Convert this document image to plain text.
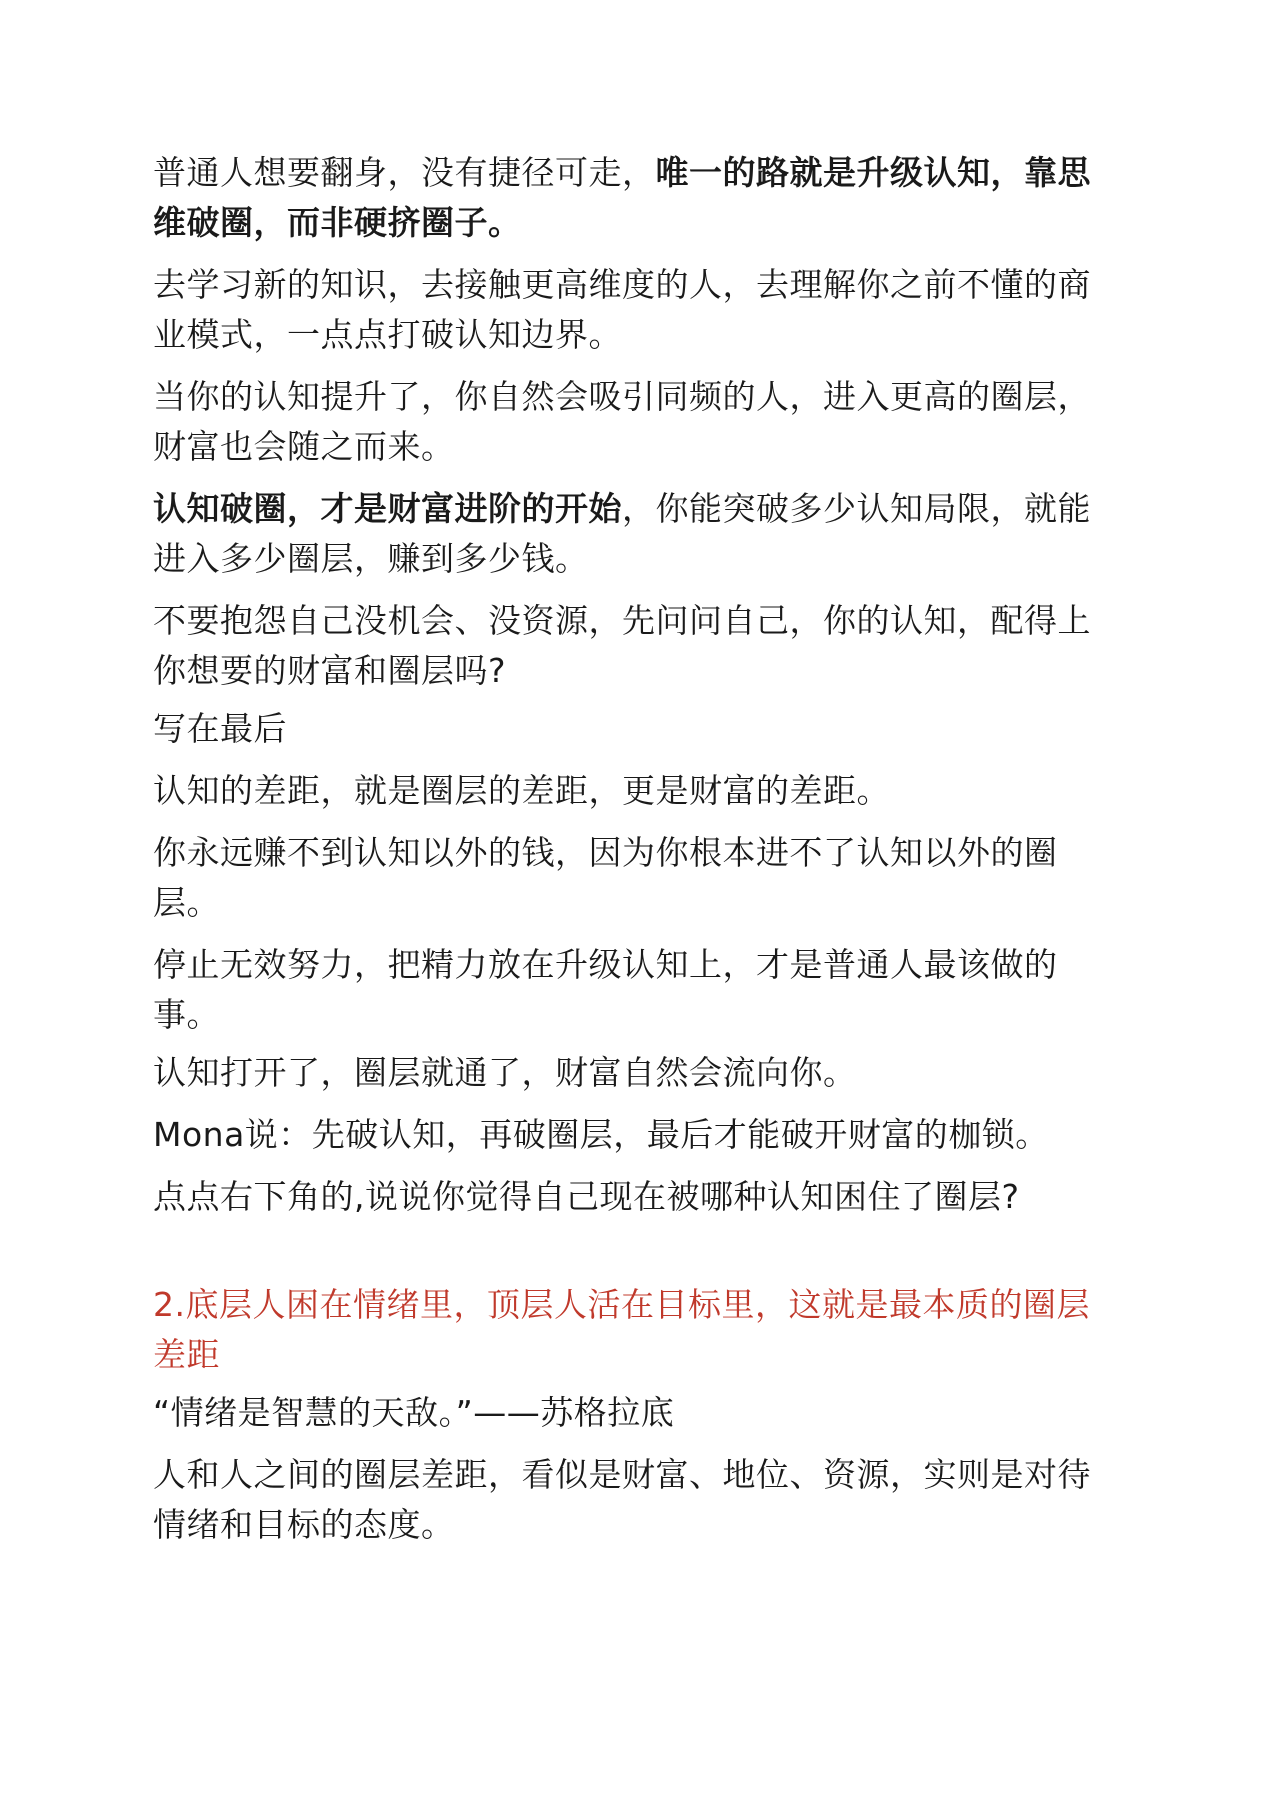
普通人想要翻身，没有捷径可走，唯一的路就是升级认知，靠思维破圈，而非硬挤圈子。

去学习新的知识，去接触更高维度的人，去理解你之前不懂的商业模式，一点点打破认知边界。

当你的认知提升了，你自然会吸引同频的人，进入更高的圈层，财富也会随之而来。

认知破圈，才是财富进阶的开始，你能突破多少认知局限，就能进入多少圈层，赚到多少钱。

不要抱怨自己没机会、没资源，先问问自己，你的认知，配得上你想要的财富和圈层吗?

写在最后

认知的差距，就是圈层的差距，更是财富的差距。

你永远赚不到认知以外的钱，因为你根本进不了认知以外的圈层。

停止无效努力，把精力放在升级认知上，才是普通人最该做的事。

认知打开了，圈层就通了，财富自然会流向你。

Mona说：先破认知，再破圈层，最后才能破开财富的枷锁。

点点右下角的,说说你觉得自己现在被哪种认知困住了圈层?

2.底层人困在情绪里，顶层人活在目标里，这就是最本质的圈层差距

“情绪是智慧的天敌。”——苏格拉底

人和人之间的圈层差距，看似是财富、地位、资源，实则是对待情绪和目标的态度。
